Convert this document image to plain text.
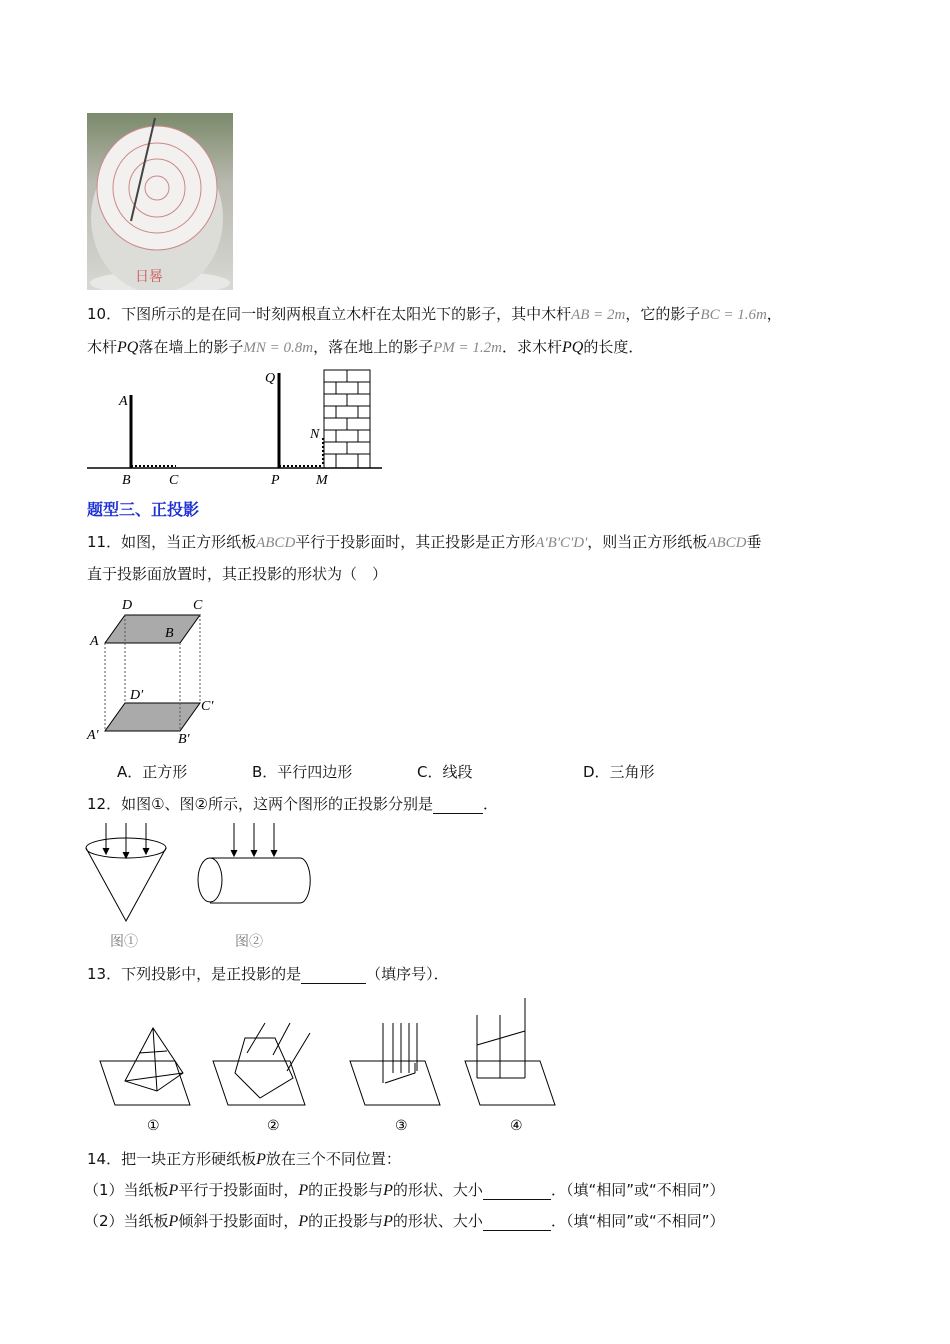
日晷
10．下图所示的是在同一时刻两根直立木杆在太阳光下的影子，其中木杆AB = 2m，它的影子BC = 1.6m，
木杆PQ落在墙上的影子MN = 0.8m，落在地上的影子PM = 1.2m．求木杆PQ的长度．
A
B	C
Q
N
P	M
题型三、正投影
11．如图，当正方形纸板ABCD平行于投影面时，其正投影是正方形A'B'C'D'，则当正方形纸板ABCD垂
直于投影面放置时，其正投影的形状为（　）
D	C
A
B
D′
C′
A′	B′
A．正方形	B．平行四边形	C．线段	D．三角形
12．如图①、图②所示，这两个图形的正投影分别是	．
图①	图②
13．下列投影中，是正投影的是	（填序号）．
①	②	③	④
14．把一块正方形硬纸板P放在三个不同位置：
（1）当纸板P平行于投影面时，P的正投影与P的形状、大小	．（填“相同”或“不相同”）
（2）当纸板P倾斜于投影面时，P的正投影与P的形状、大小	．（填“相同”或“不相同”）
